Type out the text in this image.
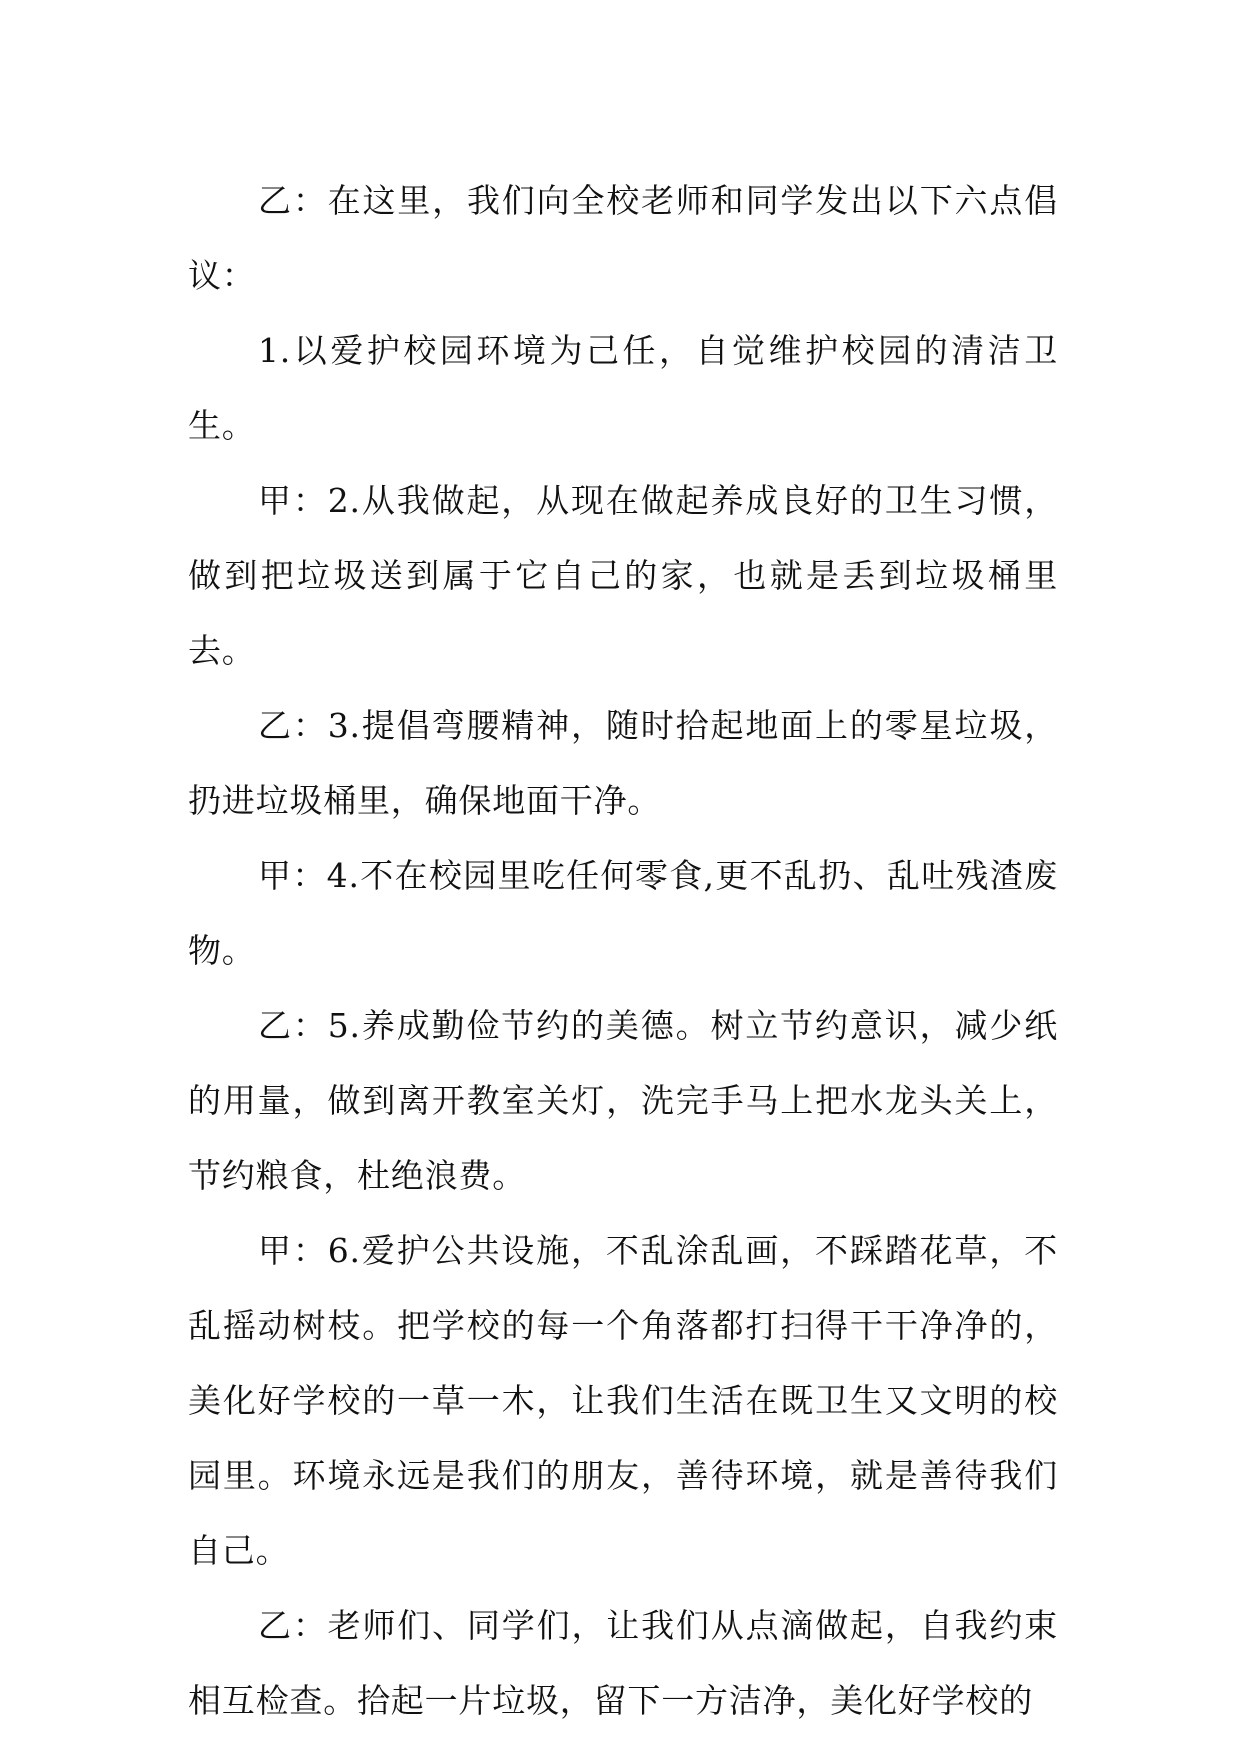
乙：在这里，我们向全校老师和同学发出以下六点倡议：

1.以爱护校园环境为己任，自觉维护校园的清洁卫生。

甲：2.从我做起，从现在做起养成良好的卫生习惯，做到把垃圾送到属于它自己的家，也就是丢到垃圾桶里去。

乙：3.提倡弯腰精神，随时拾起地面上的零星垃圾，扔进垃圾桶里，确保地面干净。

甲：4.不在校园里吃任何零食,更不乱扔、乱吐残渣废物。

乙：5.养成勤俭节约的美德。树立节约意识，减少纸的用量，做到离开教室关灯，洗完手马上把水龙头关上，节约粮食，杜绝浪费。

甲：6.爱护公共设施，不乱涂乱画，不踩踏花草，不乱摇动树枝。把学校的每一个角落都打扫得干干净净的，美化好学校的一草一木，让我们生活在既卫生又文明的校园里。环境永远是我们的朋友，善待环境，就是善待我们自己。

乙：老师们、同学们，让我们从点滴做起，自我约束相互检查。拾起一片垃圾，留下一方洁净，美化好学校的
